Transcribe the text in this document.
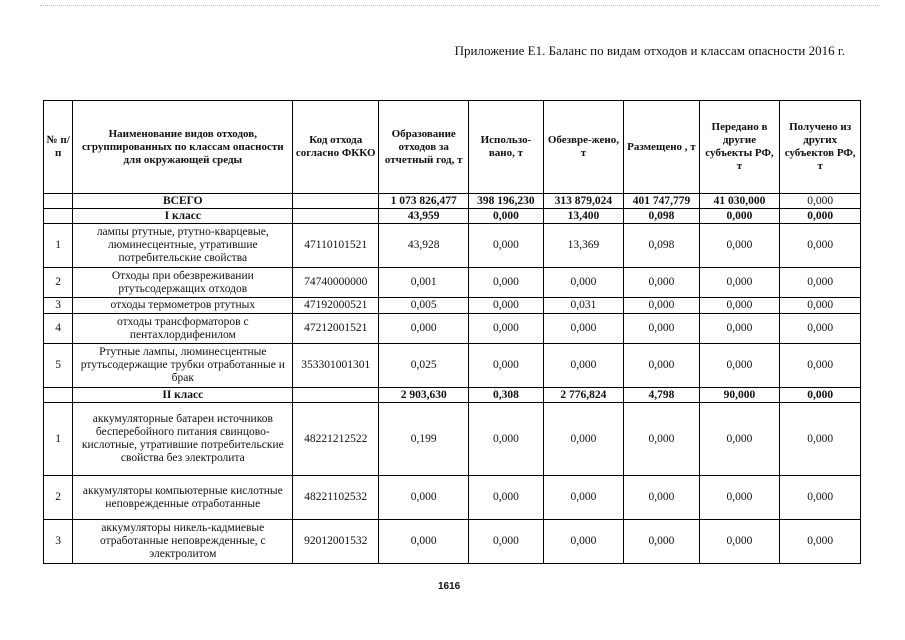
Приложение Е1. Баланс по видам отходов и классам опасности 2016 г.
№ п/п	Наименование видов отходов, сгруппированных по классам опасности для окружающей среды	Код отхода согласно ФККО	Образование отходов за отчетный год, т	Использо-вано, т	Обезвре-жено, т	Размещено , т	Передано в другие субъекты РФ, т	Получено из других субъектов РФ, т
	ВСЕГО		1 073 826,477	398 196,230	313 879,024	401 747,779	41 030,000	0,000
	I класс		43,959	0,000	13,400	0,098	0,000	0,000
1	лампы ртутные, ртутно-кварцевые, люминесцентные, утратившие потребительские свойства	47110101521	43,928	0,000	13,369	0,098	0,000	0,000
2	Отходы при обезвреживании ртутьсодержащих отходов	74740000000	0,001	0,000	0,000	0,000	0,000	0,000
3	отходы термометров ртутных	47192000521	0,005	0,000	0,031	0,000	0,000	0,000
4	отходы трансформаторов с пентахлордифенилом	47212001521	0,000	0,000	0,000	0,000	0,000	0,000
5	Ртутные лампы, люминесцентные ртутьсодержащие трубки отработанные и брак	353301001301	0,025	0,000	0,000	0,000	0,000	0,000
	II класс		2 903,630	0,308	2 776,824	4,798	90,000	0,000
1	аккумуляторные батареи источников бесперебойного питания свинцово-кислотные, утратившие потребительские свойства без электролита	48221212522	0,199	0,000	0,000	0,000	0,000	0,000
2	аккумуляторы компьютерные кислотные неповрежденные отработанные	48221102532	0,000	0,000	0,000	0,000	0,000	0,000
3	аккумуляторы никель-кадмиевые отработанные неповрежденные, с электролитом	92012001532	0,000	0,000	0,000	0,000	0,000	0,000
1616
